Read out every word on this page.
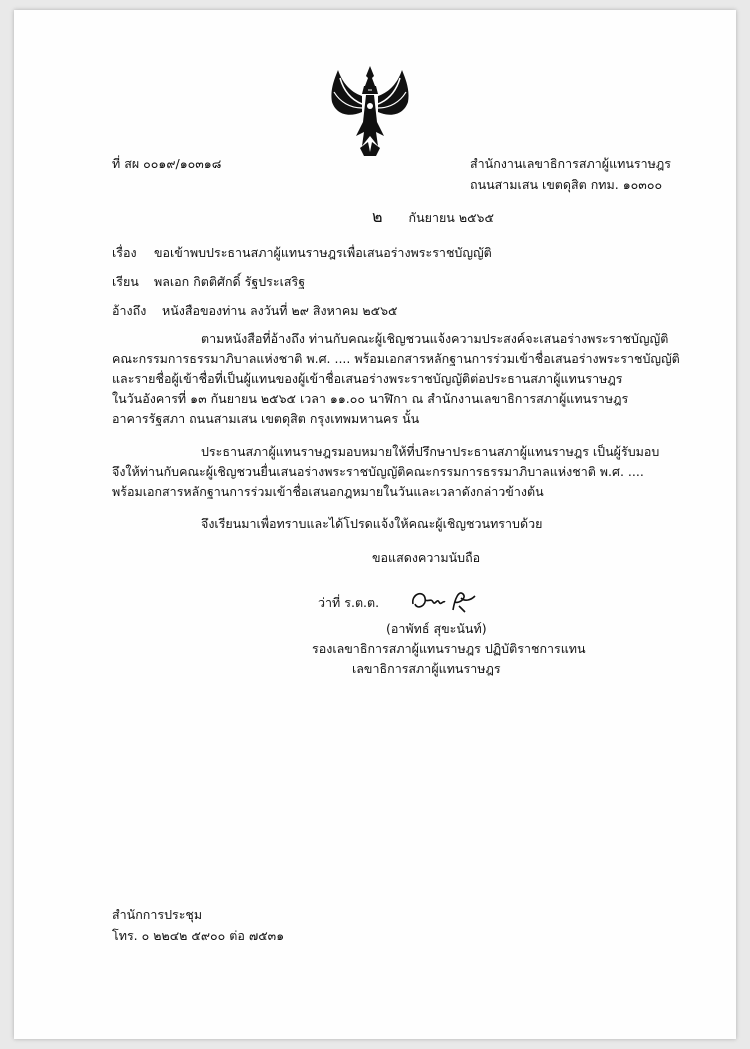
ที่ สผ ๐๐๑๙/๑๐๓๑๘	สำนักงานเลขาธิการสภาผู้แทนราษฎร
ถนนสามเสน เขตดุสิต กทม. ๑๐๓๐๐
๒ กันยายน ๒๕๖๕
เรื่อง ขอเข้าพบประธานสภาผู้แทนราษฎรเพื่อเสนอร่างพระราชบัญญัติ
เรียน พลเอก กิตติศักดิ์ รัฐประเสริฐ
อ้างถึง หนังสือของท่าน ลงวันที่ ๒๙ สิงหาคม ๒๕๖๕
ตามหนังสือที่อ้างถึง ท่านกับคณะผู้เชิญชวนแจ้งความประสงค์จะเสนอร่างพระราชบัญญัติ
คณะกรรมการธรรมาภิบาลแห่งชาติ พ.ศ. .... พร้อมเอกสารหลักฐานการร่วมเข้าชื่อเสนอร่างพระราชบัญญัติ
และรายชื่อผู้เข้าชื่อที่เป็นผู้แทนของผู้เข้าชื่อเสนอร่างพระราชบัญญัติต่อประธานสภาผู้แทนราษฎร
ในวันอังคารที่ ๑๓ กันยายน ๒๕๖๕ เวลา ๑๑.๐๐ นาฬิกา ณ สำนักงานเลขาธิการสภาผู้แทนราษฎร
อาคารรัฐสภา ถนนสามเสน เขตดุสิต กรุงเทพมหานคร นั้น
ประธานสภาผู้แทนราษฎรมอบหมายให้ที่ปรึกษาประธานสภาผู้แทนราษฎร เป็นผู้รับมอบ
จึงให้ท่านกับคณะผู้เชิญชวนยื่นเสนอร่างพระราชบัญญัติคณะกรรมการธรรมาภิบาลแห่งชาติ พ.ศ. ....
พร้อมเอกสารหลักฐานการร่วมเข้าชื่อเสนอกฎหมายในวันและเวลาดังกล่าวข้างต้น
จึงเรียนมาเพื่อทราบและได้โปรดแจ้งให้คณะผู้เชิญชวนทราบด้วย
ขอแสดงความนับถือ
ว่าที่ ร.ต.ต.
(อาพัทธ์ สุขะนันท์)
รองเลขาธิการสภาผู้แทนราษฎร ปฏิบัติราชการแทน
เลขาธิการสภาผู้แทนราษฎร
สำนักการประชุม
โทร. ๐ ๒๒๔๒ ๕๙๐๐ ต่อ ๗๕๓๑
